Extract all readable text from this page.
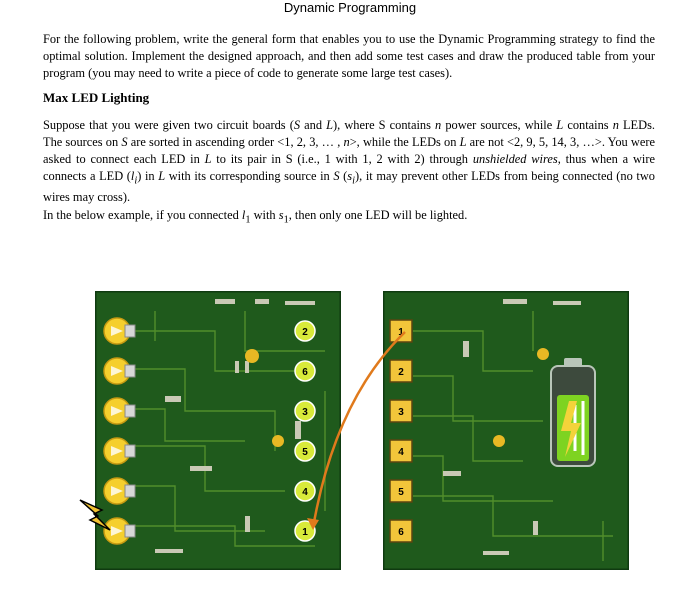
Dynamic Programming

For the following problem, write the general form that enables you to use the Dynamic Programming strategy to find the optimal solution. Implement the designed approach, and then add some test cases and draw the produced table from your program (you may need to write a piece of code to generate some large test cases).

Max LED Lighting

Suppose that you were given two circuit boards (S and L), where S contains n power sources, while L contains n LEDs. The sources on S are sorted in ascending order <1, 2, 3, … , n>, while the LEDs on L are not <2, 9, 5, 14, 3, …>. You were asked to connect each LED in L to its pair in S (i.e., 1 with 1, 2 with 2) through unshielded wires, thus when a wire connects a LED $(l_i)$ in L with its corresponding source in S $(s_i)$, it may prevent other LEDs from being connected (no two wires may cross).

In the below example, if you connected $l_1$ with $s_1$, then only one LED will be lighted.

2
6
3
5
4
1
1
2
3
4
5
6
